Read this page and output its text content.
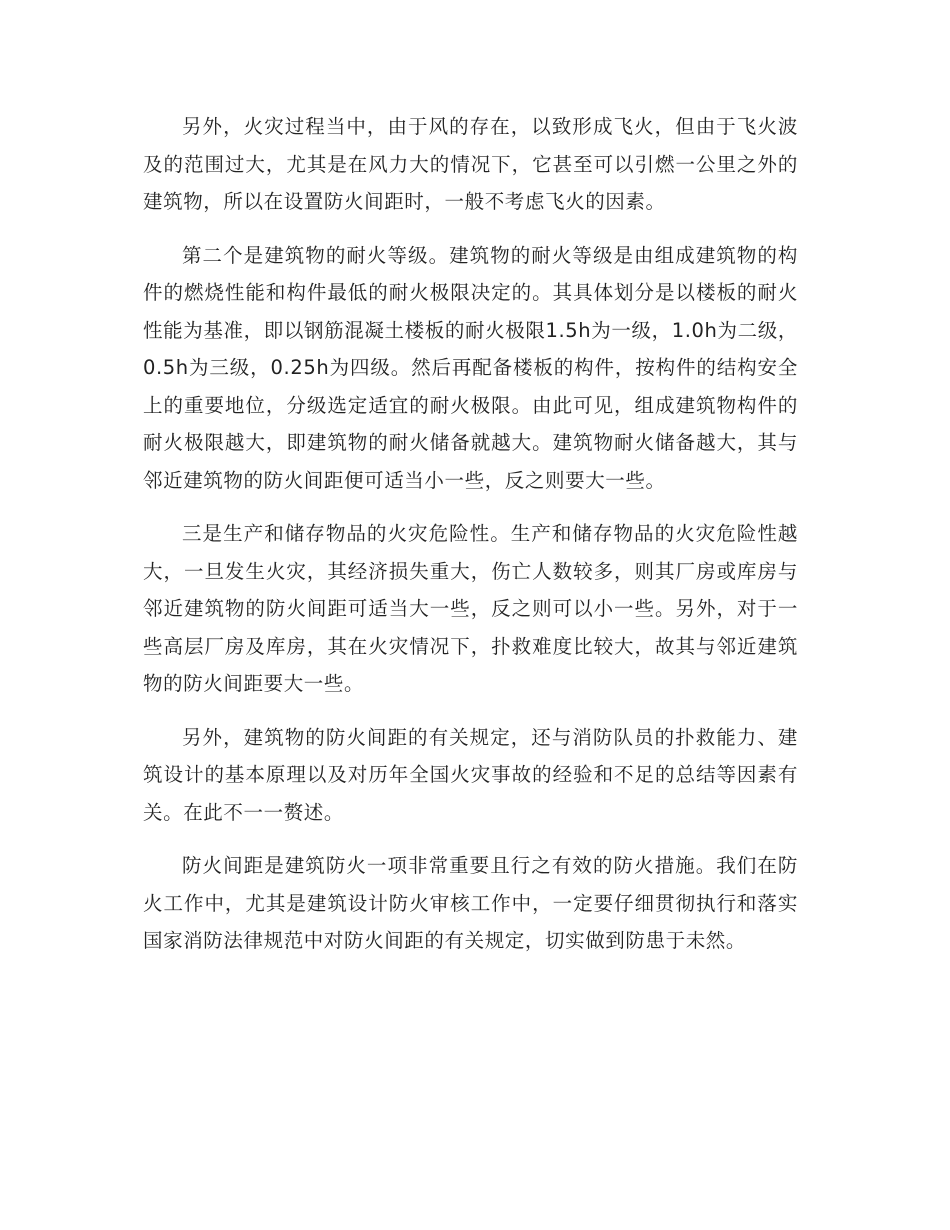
另外，火灾过程当中，由于风的存在，以致形成飞火，但由于飞火波及的范围过大，尤其是在风力大的情况下，它甚至可以引燃一公里之外的建筑物，所以在设置防火间距时，一般不考虑飞火的因素。

第二个是建筑物的耐火等级。建筑物的耐火等级是由组成建筑物的构件的燃烧性能和构件最低的耐火极限决定的。其具体划分是以楼板的耐火性能为基准，即以钢筋混凝土楼板的耐火极限1.5h为一级，1.0h为二级，0.5h为三级，0.25h为四级。然后再配备楼板的构件，按构件的结构安全上的重要地位，分级选定适宜的耐火极限。由此可见，组成建筑物构件的耐火极限越大，即建筑物的耐火储备就越大。建筑物耐火储备越大，其与邻近建筑物的防火间距便可适当小一些，反之则要大一些。

三是生产和储存物品的火灾危险性。生产和储存物品的火灾危险性越大，一旦发生火灾，其经济损失重大，伤亡人数较多，则其厂房或库房与邻近建筑物的防火间距可适当大一些，反之则可以小一些。另外，对于一些高层厂房及库房，其在火灾情况下，扑救难度比较大，故其与邻近建筑物的防火间距要大一些。

另外，建筑物的防火间距的有关规定，还与消防队员的扑救能力、建筑设计的基本原理以及对历年全国火灾事故的经验和不足的总结等因素有关。在此不一一赘述。

防火间距是建筑防火一项非常重要且行之有效的防火措施。我们在防火工作中，尤其是建筑设计防火审核工作中，一定要仔细贯彻执行和落实国家消防法律规范中对防火间距的有关规定，切实做到防患于未然。
